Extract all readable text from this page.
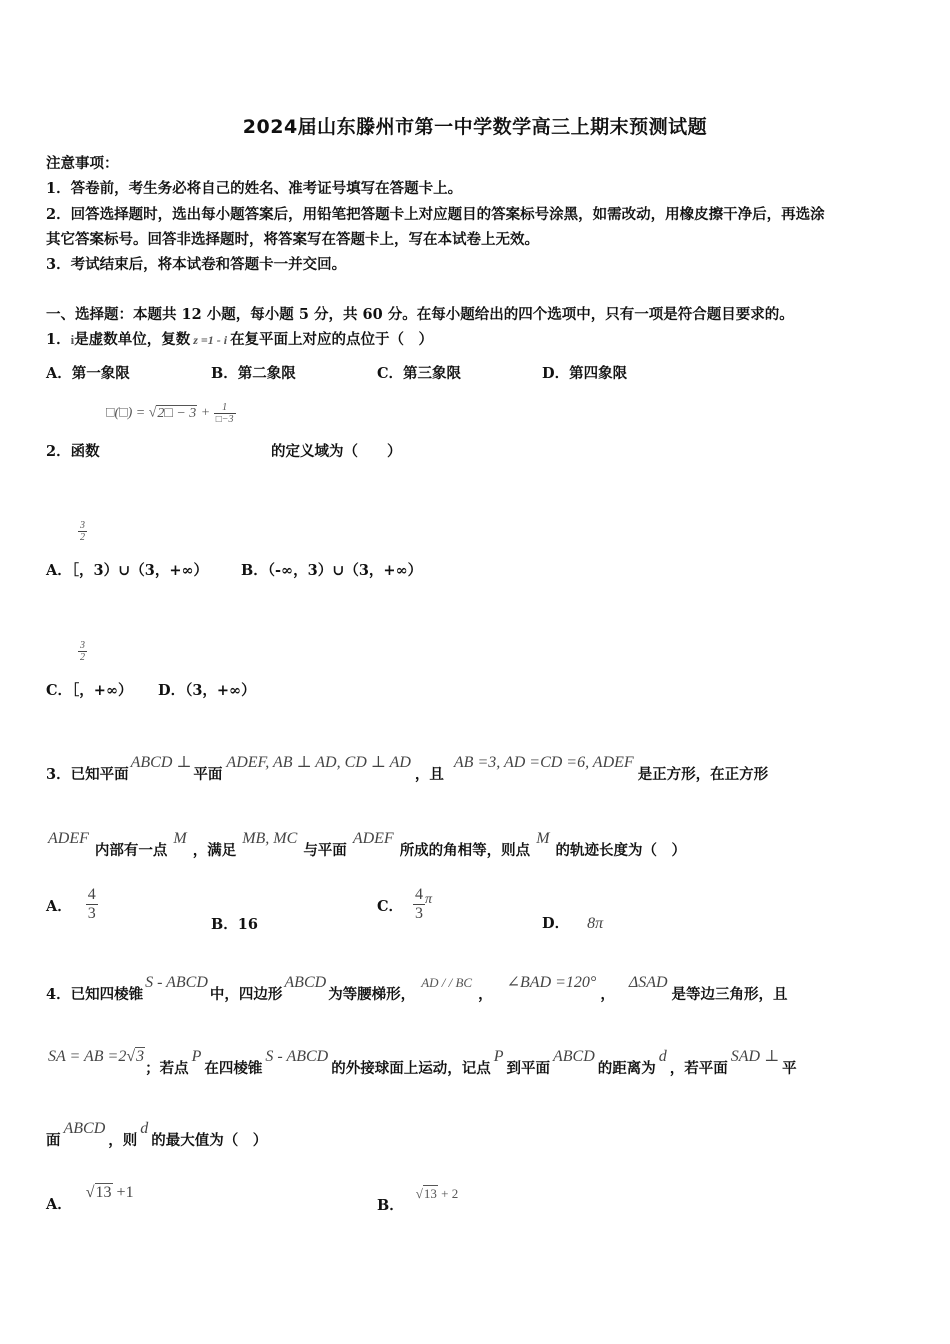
2024届山东滕州市第一中学数学高三上期末预测试题
注意事项：
1．答卷前，考生务必将自己的姓名、准考证号填写在答题卡上。
2．回答选择题时，选出每小题答案后，用铅笔把答题卡上对应题目的答案标号涂黑，如需改动，用橡皮擦干净后，再选涂
其它答案标号。回答非选择题时，将答案写在答题卡上，写在本试卷上无效。
3．考试结束后，将本试卷和答题卡一并交回。
一、选择题：本题共 12 小题，每小题 5 分，共 60 分。在每小题给出的四个选项中，只有一项是符合题目要求的。
1．i是虚数单位，复数 z =1 - i 在复平面上对应的点位于（　）
A．第一象限	B．第二象限	C．第三象限	D．第四象限
□(□) = √2□ − $3 + \frac{1}{□-3}$
2．函数	的定义域为（　　）
$\frac{3}{2}$
A．［，3）∪（3，+∞） B．（-∞，3）∪（3，+∞）
$\frac{3}{2}$
C．［，+∞） D．（3，+∞）
3．已知平面ABCD ⊥平面ADEF, AB ⊥ AD, CD ⊥ AD，且AB =3, AD =CD =6, ADEF是正方形，在正方形
ADEF内部有一点M，满足MB, MC与平面ADEF所成的角相等，则点M的轨迹长度为（　）
A． $\frac{4}{3}$
B．16
C． $\frac{4}{3}$ π
D． 8π
4．已知四棱锥S - ABCD中，四边形ABCD为等腰梯形，AD / / BC，∠BAD =120°，ΔSAD是等边三角形，且
SA = AB =2√3；若点P在四棱锥S - ABCD的外接球面上运动，记点P到平面ABCD的距离为d，若平面SAD ⊥平
面ABCD，则d的最大值为（　）
A．√13 +1
B．√13 + 2
